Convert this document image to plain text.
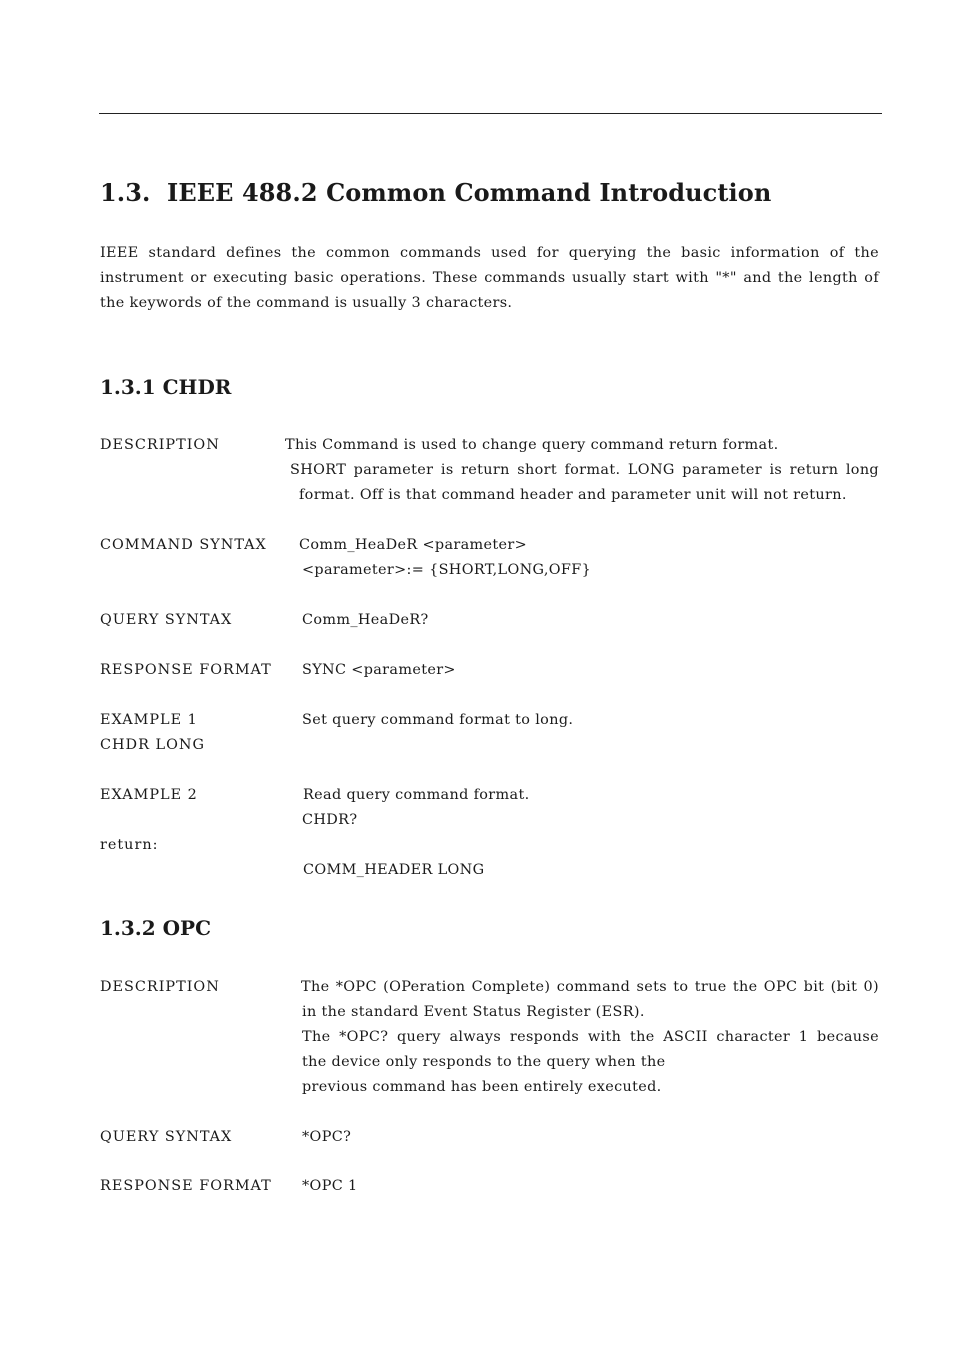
1.3. IEEE 488.2 Common Command Introduction
IEEE standard defines the common commands used for querying the basic information of the
instrument or executing basic operations. These commands usually start with "*" and the length of
the keywords of the command is usually 3 characters.
1.3.1 CHDR
DESCRIPTION	This Command is used to change query command return format.
SHORT parameter is return short format. LONG parameter is return long
format. Off is that command header and parameter unit will not return.
COMMAND SYNTAX Comm_HeaDeR <parameter>
<parameter>:= {SHORT,LONG,OFF}
QUERY SYNTAX	Comm_HeaDeR?
RESPONSE FORMAT SYNC <parameter>
EXAMPLE 1	Set query command format to long.
CHDR LONG
EXAMPLE 2	Read query command format.
CHDR?
return:
COMM_HEADER LONG
1.3.2 OPC
DESCRIPTION	The *OPC (OPeration Complete) command sets to true the OPC bit (bit 0)
in the standard Event Status Register (ESR).
The *OPC? query always responds with the ASCII character 1 because
the device only responds to the query when the
previous command has been entirely executed.
QUERY SYNTAX	*OPC?
RESPONSE FORMAT *OPC 1
